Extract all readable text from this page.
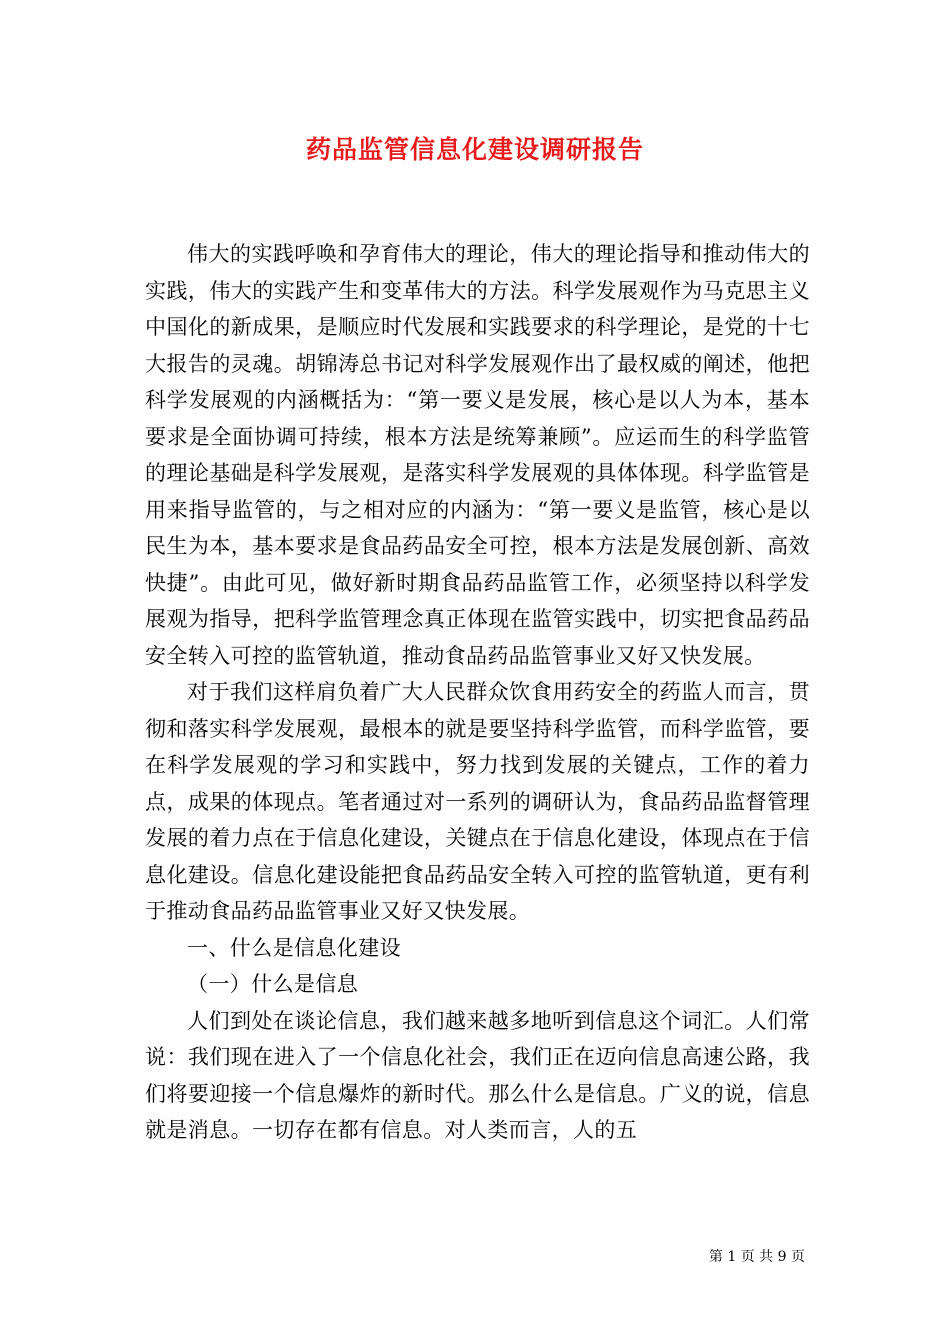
药品监管信息化建设调研报告

伟大的实践呼唤和孕育伟大的理论，伟大的理论指导和推动伟大的实践，伟大的实践产生和变革伟大的方法。科学发展观作为马克思主义中国化的新成果，是顺应时代发展和实践要求的科学理论，是党的十七大报告的灵魂。胡锦涛总书记对科学发展观作出了最权威的阐述，他把科学发展观的内涵概括为：“第一要义是发展，核心是以人为本，基本要求是全面协调可持续，根本方法是统筹兼顾”。应运而生的科学监管的理论基础是科学发展观，是落实科学发展观的具体体现。科学监管是用来指导监管的，与之相对应的内涵为：“第一要义是监管，核心是以民生为本，基本要求是食品药品安全可控，根本方法是发展创新、高效快捷”。由此可见，做好新时期食品药品监管工作，必须坚持以科学发展观为指导，把科学监管理念真正体现在监管实践中，切实把食品药品安全转入可控的监管轨道，推动食品药品监管事业又好又快发展。

对于我们这样肩负着广大人民群众饮食用药安全的药监人而言，贯彻和落实科学发展观，最根本的就是要坚持科学监管，而科学监管，要在科学发展观的学习和实践中，努力找到发展的关键点，工作的着力点，成果的体现点。笔者通过对一系列的调研认为，食品药品监督管理发展的着力点在于信息化建设，关键点在于信息化建设，体现点在于信息化建设。信息化建设能把食品药品安全转入可控的监管轨道，更有利于推动食品药品监管事业又好又快发展。

一、什么是信息化建设

（一）什么是信息

人们到处在谈论信息，我们越来越多地听到信息这个词汇。人们常说：我们现在进入了一个信息化社会，我们正在迈向信息高速公路，我们将要迎接一个信息爆炸的新时代。那么什么是信息。广义的说，信息就是消息。一切存在都有信息。对人类而言，人的五

第 1 页 共 9 页
